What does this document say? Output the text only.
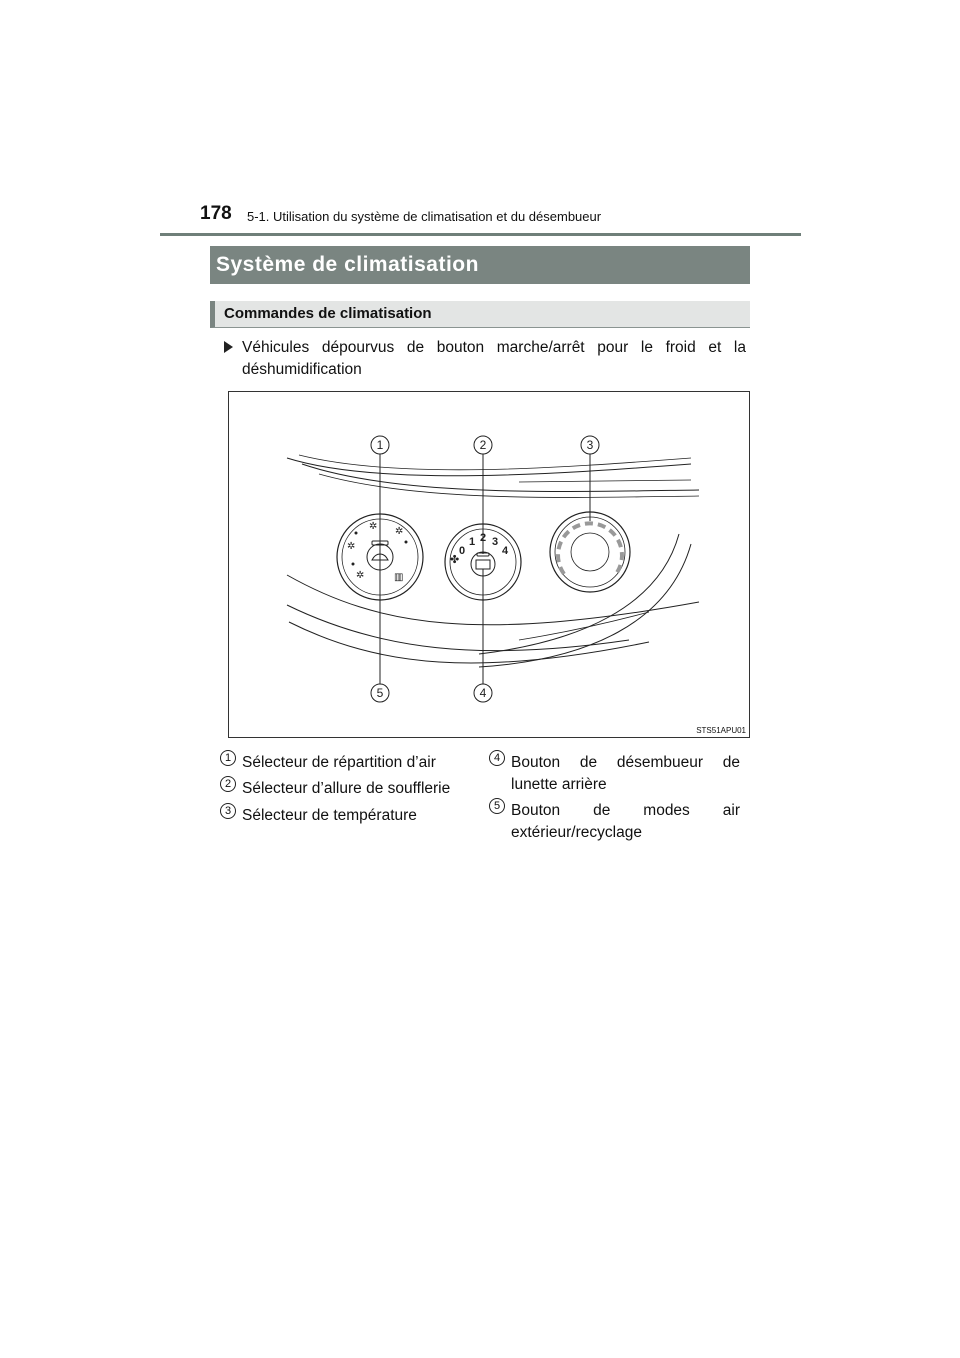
178 5-1. Utilisation du système de climatisation et du désembueur
Système de climatisation
Commandes de climatisation
Véhicules dépourvus de bouton marche/arrêt pour le froid et la déshumidification
✲
✲ ✲
✲	▥
✤
0
1 2 3
4
1	2	3
4
5
STS51APU01
1 Sélecteur de répartition d’air
2 Sélecteur d’allure de soufflerie
3 Sélecteur de température
4 Bouton de désembueur de lunette arrière
5 Bouton de modes air extérieur/recyclage
